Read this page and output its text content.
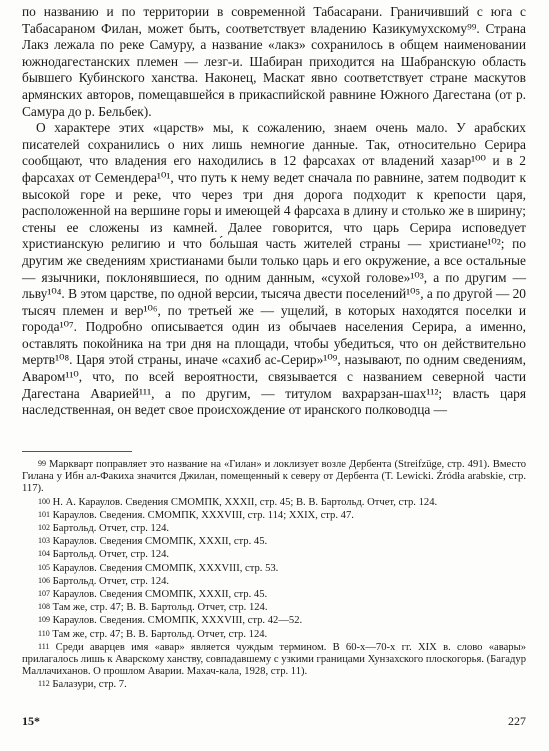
по названию и по территории в современной Табасарани. Граничивший с юга с Табасараном Филан, может быть, соответствует владению Казикумухскому⁹⁹. Страна Лакз лежала по реке Самуру, а название «лакз» сохранилось в общем наименовании южнодагестанских племен — лезг-и. Шабиран приходится на Шабранскую область бывшего Кубинского ханства. Наконец, Маскат явно соответствует стране маскутов армянских авторов, помещавшейся в прикаспийской равнине Южного Дагестана (от р. Самура до р. Бельбек).

О характере этих «царств» мы, к сожалению, знаем очень мало. У арабских писателей сохранились о них лишь немногие данные. Так, относительно Серира сообщают, что владения его находились в 12 фарсахах от владений хазар¹⁰⁰ и в 2 фарсахах от Семендера¹⁰¹, что путь к нему ведет сначала по равнине, затем подводит к высокой горе и реке, что через три дня дорога подходит к крепости царя, расположенной на вершине горы и имеющей 4 фарсаха в длину и столько же в ширину; стены ее сложены из камней. Далее говорится, что царь Серира исповедует христианскую религию и что бо́льшая часть жителей страны — христиане¹⁰²; по другим же сведениям христианами были только царь и его окружение, а все остальные — язычники, поклонявшиеся, по одним данным, «сухой голове»¹⁰³, а по другим — льву¹⁰⁴. В этом царстве, по одной версии, тысяча двести поселений¹⁰⁵, а по другой — 20 тысяч племен и вер¹⁰⁶, по третьей же — ущелий, в которых находятся поселки и города¹⁰⁷. Подробно описывается один из обычаев населения Серира, а именно, оставлять покойника на три дня на площади, чтобы убедиться, что он действительно мертв¹⁰⁸. Царя этой страны, иначе «сахиб ас-Серир»¹⁰⁹, называют, по одним сведениям, Аваром¹¹⁰, что, по всей вероятности, связывается с названием северной части Дагестана Аварией¹¹¹, а по другим, — титулом вахрарзан-шах¹¹²; власть царя наследственная, он ведет свое происхождение от иранского полководца —

99 Маркварт поправляет это название на «Гилан» и локлизует возле Дербента (Streifzüge, стр. 491). Вместо Гилана у Ибн ал-Факиха значится Джилан, помещенный к северу от Дербента (T. Lewicki. Źródła arabskie, стр. 117).

100 Н. А. Караулов. Сведения СМОМПК, XXXII, стр. 45; В. В. Бартольд. Отчет, стр. 124.

101 Караулов. Сведения. СМОМПК, XXXVIII, стр. 114; XXIX, стр. 47.

102 Бартольд. Отчет, стр. 124.

103 Караулов. Сведения СМОМПК, XXXII, стр. 45.

104 Бартольд. Отчет, стр. 124.

105 Караулов. Сведения СМОМПК, XXXVIII, стр. 53.

106 Бартольд. Отчет, стр. 124.

107 Караулов. Сведения СМОМПК, XXXII, стр. 45.

108 Там же, стр. 47; В. В. Бартольд. Отчет, стр. 124.

109 Караулов. Сведения. СМОМПК, XXXVIII, стр. 42—52.

110 Там же, стр. 47; В. В. Бартольд. Отчет, стр. 124.

111 Среди аварцев имя «авар» является чуждым термином. В 60-х—70-х гг. XIX в. слово «авары» прилагалось лишь к Аварскому ханству, совпадавшему с узкими границами Хунзахского плоскогорья. (Багадур Маллачиханов. О прошлом Аварии. Махач-кала, 1928, стр. 11).

112 Балазури, стр. 7.

15*	227
